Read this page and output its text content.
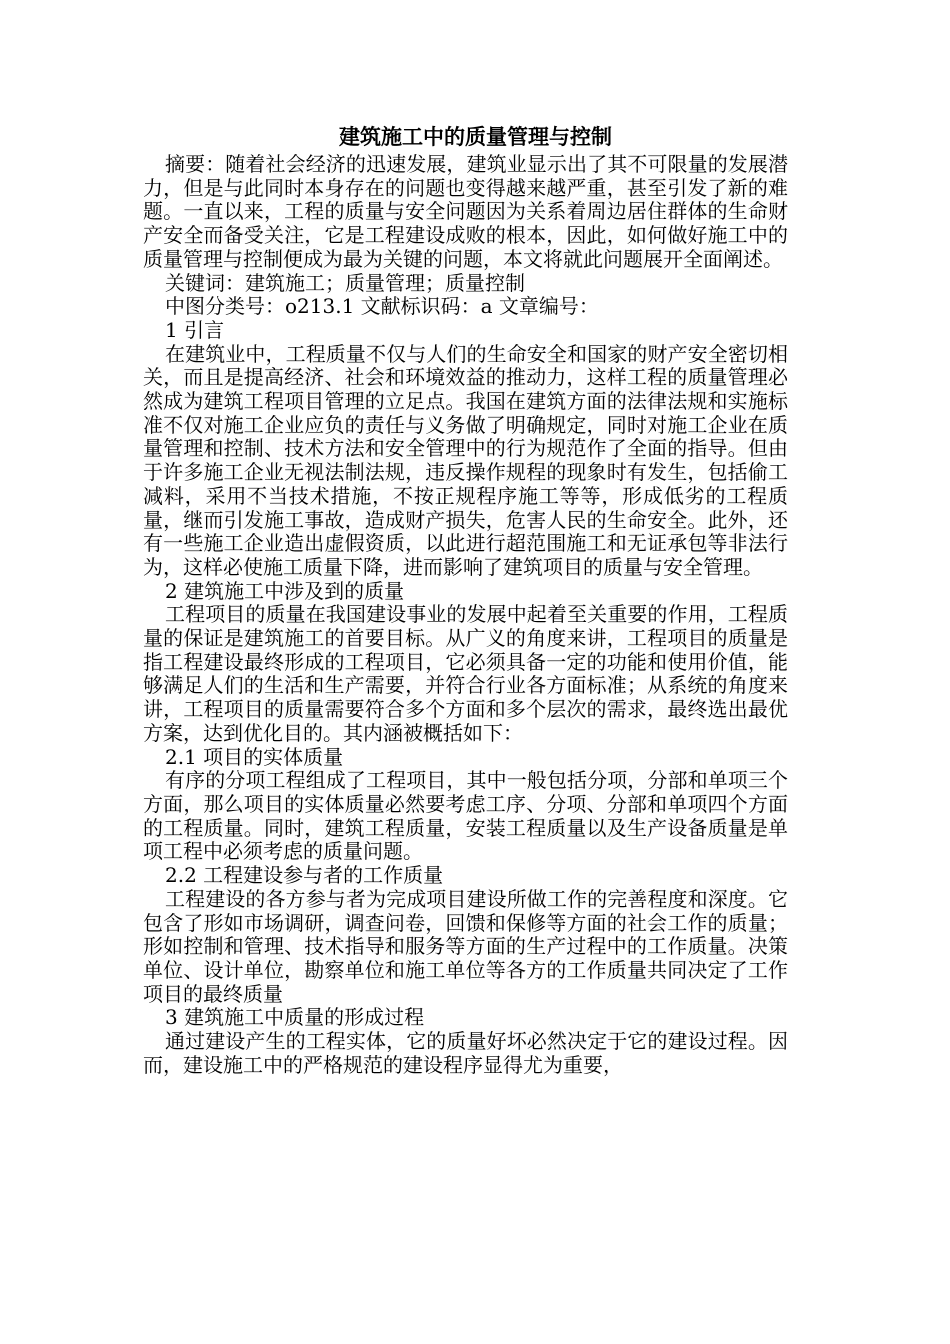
建筑施工中的质量管理与控制

摘要：随着社会经济的迅速发展，建筑业显示出了其不可限量的发展潜力，但是与此同时本身存在的问题也变得越来越严重，甚至引发了新的难题。一直以来，工程的质量与安全问题因为关系着周边居住群体的生命财产安全而备受关注，它是工程建设成败的根本，因此，如何做好施工中的质量管理与控制便成为最为关键的问题，本文将就此问题展开全面阐述。

关键词：建筑施工；质量管理；质量控制

中图分类号：o213.1 文献标识码：a 文章编号：

1 引言

在建筑业中，工程质量不仅与人们的生命安全和国家的财产安全密切相关，而且是提高经济、社会和环境效益的推动力，这样工程的质量管理必然成为建筑工程项目管理的立足点。我国在建筑方面的法律法规和实施标准不仅对施工企业应负的责任与义务做了明确规定，同时对施工企业在质量管理和控制、技术方法和安全管理中的行为规范作了全面的指导。但由于许多施工企业无视法制法规，违反操作规程的现象时有发生，包括偷工减料，采用不当技术措施，不按正规程序施工等等，形成低劣的工程质量，继而引发施工事故，造成财产损失，危害人民的生命安全。此外，还有一些施工企业造出虚假资质，以此进行超范围施工和无证承包等非法行为，这样必使施工质量下降，进而影响了建筑项目的质量与安全管理。

2 建筑施工中涉及到的质量

工程项目的质量在我国建设事业的发展中起着至关重要的作用，工程质量的保证是建筑施工的首要目标。从广义的角度来讲，工程项目的质量是指工程建设最终形成的工程项目，它必须具备一定的功能和使用价值，能够满足人们的生活和生产需要，并符合行业各方面标准；从系统的角度来讲，工程项目的质量需要符合多个方面和多个层次的需求，最终选出最优方案，达到优化目的。其内涵被概括如下：

2.1 项目的实体质量

有序的分项工程组成了工程项目，其中一般包括分项，分部和单项三个方面，那么项目的实体质量必然要考虑工序、分项、分部和单项四个方面的工程质量。同时，建筑工程质量，安装工程质量以及生产设备质量是单项工程中必须考虑的质量问题。

2.2 工程建设参与者的工作质量

工程建设的各方参与者为完成项目建设所做工作的完善程度和深度。它包含了形如市场调研，调查问卷，回馈和保修等方面的社会工作的质量；形如控制和管理、技术指导和服务等方面的生产过程中的工作质量。决策单位、设计单位，勘察单位和施工单位等各方的工作质量共同决定了工作项目的最终质量

3 建筑施工中质量的形成过程

通过建设产生的工程实体，它的质量好坏必然决定于它的建设过程。因而，建设施工中的严格规范的建设程序显得尤为重要，
